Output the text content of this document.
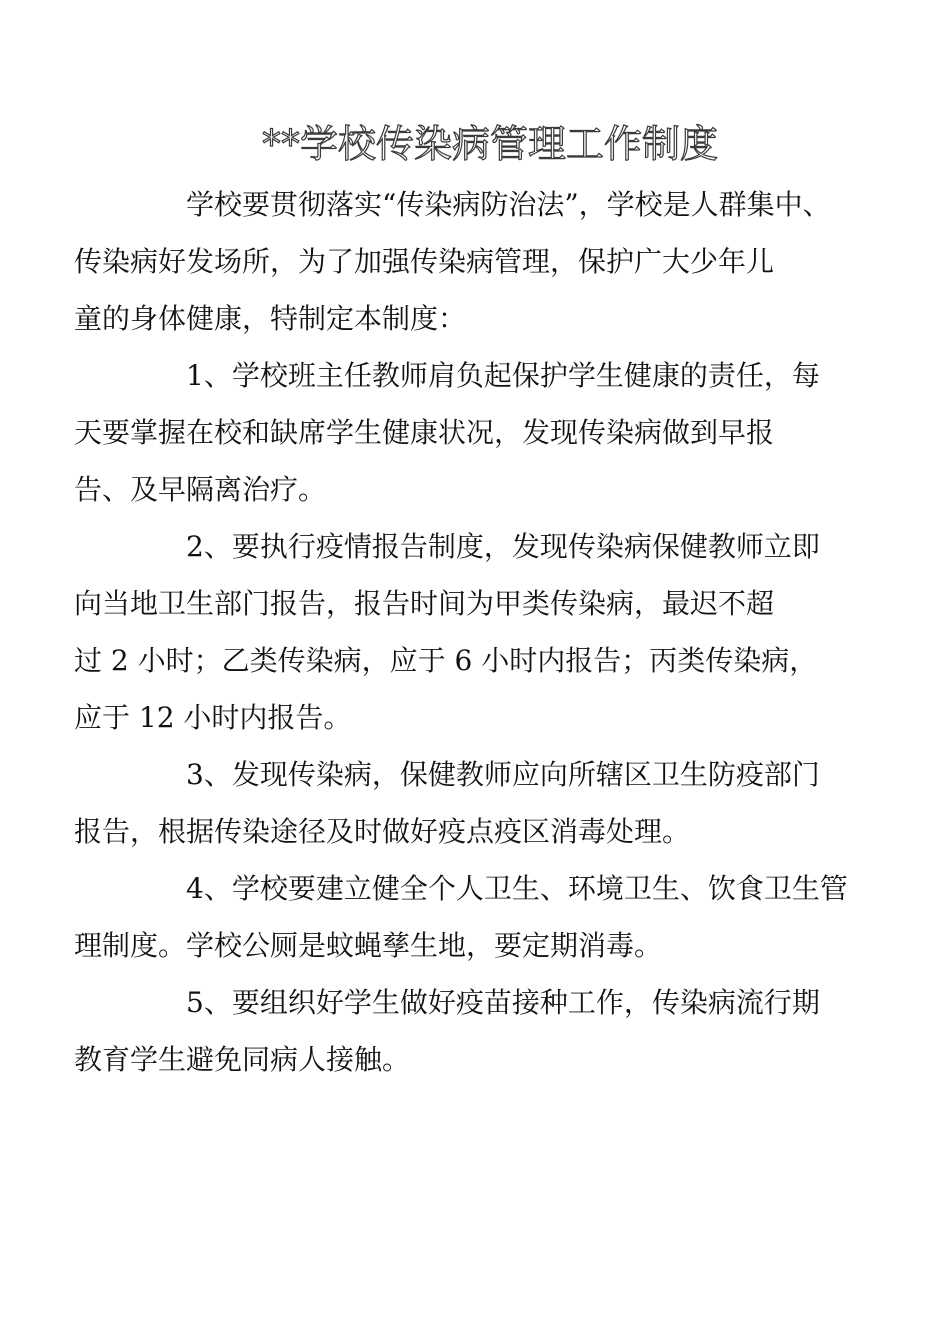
**学校传染病管理工作制度

学校要贯彻落实“传染病防治法”，学校是人群集中、
传染病好发场所，为了加强传染病管理，保护广大少年儿
童的身体健康，特制定本制度：

1、学校班主任教师肩负起保护学生健康的责任，每
天要掌握在校和缺席学生健康状况，发现传染病做到早报
告、及早隔离治疗。

2、要执行疫情报告制度，发现传染病保健教师立即
向当地卫生部门报告，报告时间为甲类传染病，最迟不超
过 2 小时；乙类传染病，应于 6 小时内报告；丙类传染病，
应于 12 小时内报告。

3、发现传染病，保健教师应向所辖区卫生防疫部门
报告，根据传染途径及时做好疫点疫区消毒处理。

4、学校要建立健全个人卫生、环境卫生、饮食卫生管
理制度。学校公厕是蚊蝇孳生地，要定期消毒。

5、要组织好学生做好疫苗接种工作，传染病流行期
教育学生避免同病人接触。
